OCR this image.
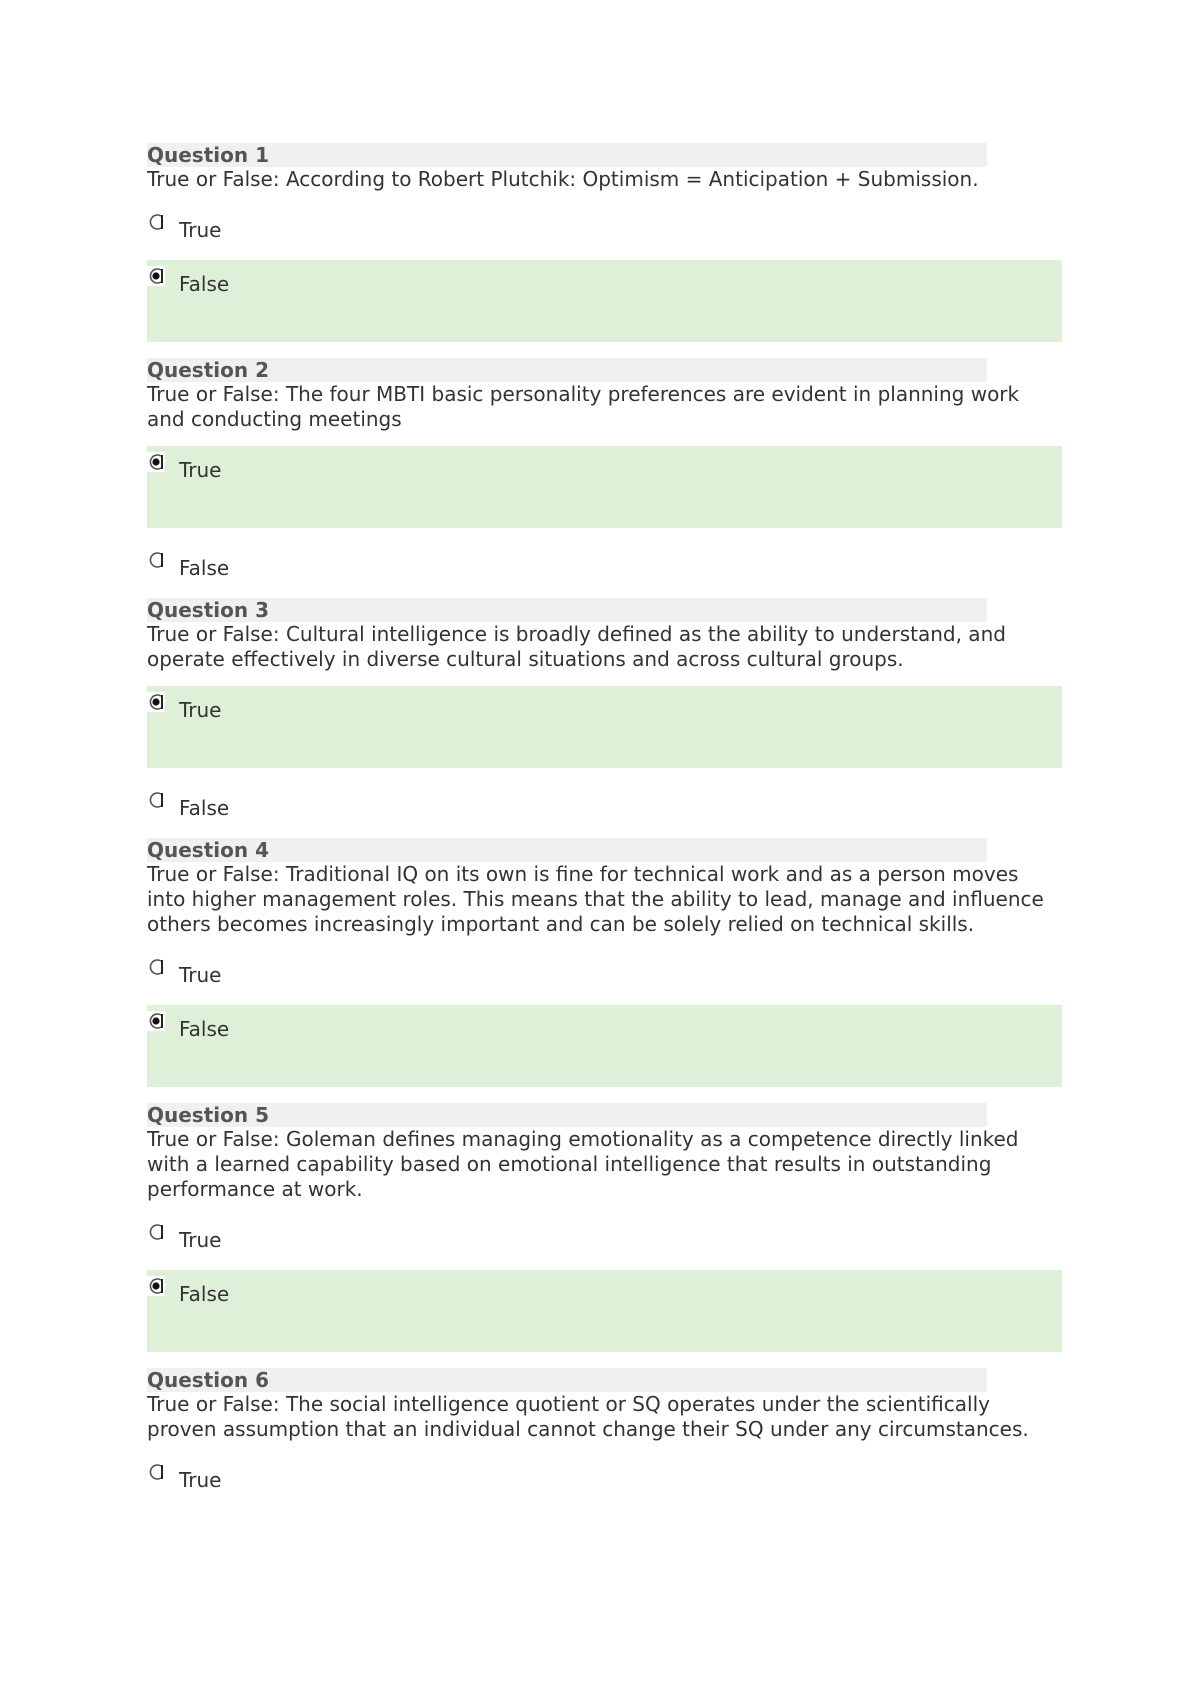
Question 1
True or False: According to Robert Plutchik: Optimism = Anticipation + Submission.
True
False
Question 2
True or False: The four MBTI basic personality preferences are evident in planning work and conducting meetings
True
False
Question 3
True or False: Cultural intelligence is broadly defined as the ability to understand, and operate effectively in diverse cultural situations and across cultural groups.
True
False
Question 4
True or False: Traditional IQ on its own is fine for technical work and as a person moves into higher management roles. This means that the ability to lead, manage and influence others becomes increasingly important and can be solely relied on technical skills.
True
False
Question 5
True or False: Goleman defines managing emotionality as a competence directly linked with a learned capability based on emotional intelligence that results in outstanding performance at work.
True
False
Question 6
True or False: The social intelligence quotient or SQ operates under the scientifically proven assumption that an individual cannot change their SQ under any circumstances.
True
